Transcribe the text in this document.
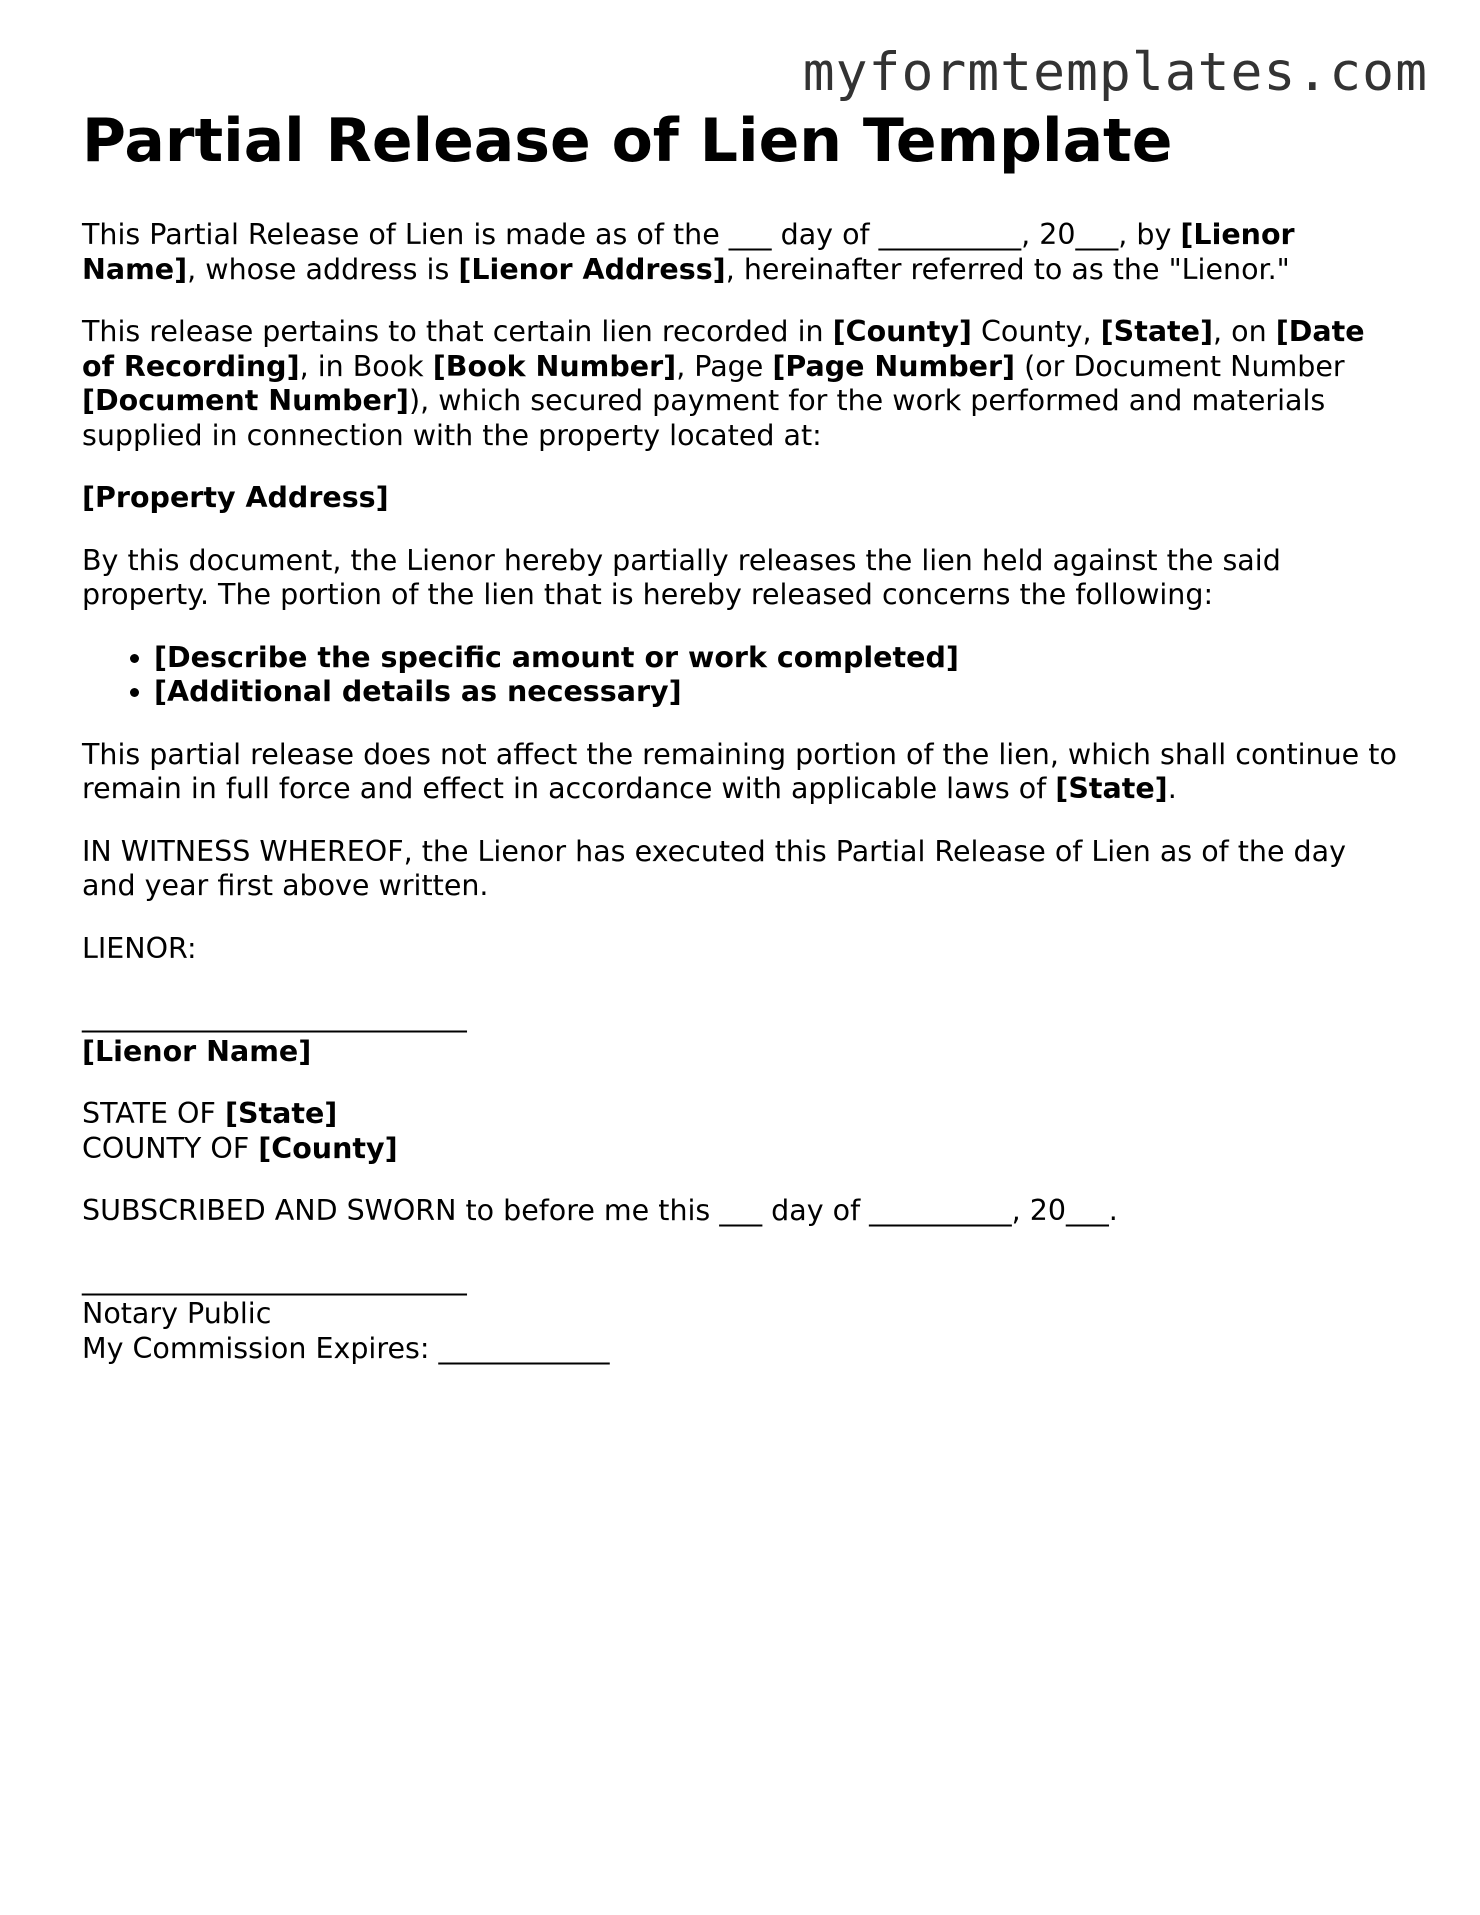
myformtemplates.com
Partial Release of Lien Template

This Partial Release of Lien is made as of the ___ day of __________, 20___, by [Lienor Name], whose address is [Lienor Address], hereinafter referred to as the "Lienor."

This release pertains to that certain lien recorded in [County] County, [State], on [Date of Recording], in Book [Book Number], Page [Page Number] (or Document Number [Document Number]), which secured payment for the work performed and materials supplied in connection with the property located at:

[Property Address]

By this document, the Lienor hereby partially releases the lien held against the said property. The portion of the lien that is hereby released concerns the following:

• [Describe the specific amount or work completed]
• [Additional details as necessary]

This partial release does not affect the remaining portion of the lien, which shall continue to remain in full force and effect in accordance with applicable laws of [State].

IN WITNESS WHEREOF, the Lienor has executed this Partial Release of Lien as of the day and year first above written.

LIENOR:
___________________________
[Lienor Name]
STATE OF [State]
COUNTY OF [County]

SUBSCRIBED AND SWORN to before me this ___ day of __________, 20___.

___________________________
Notary Public
My Commission Expires: ____________
